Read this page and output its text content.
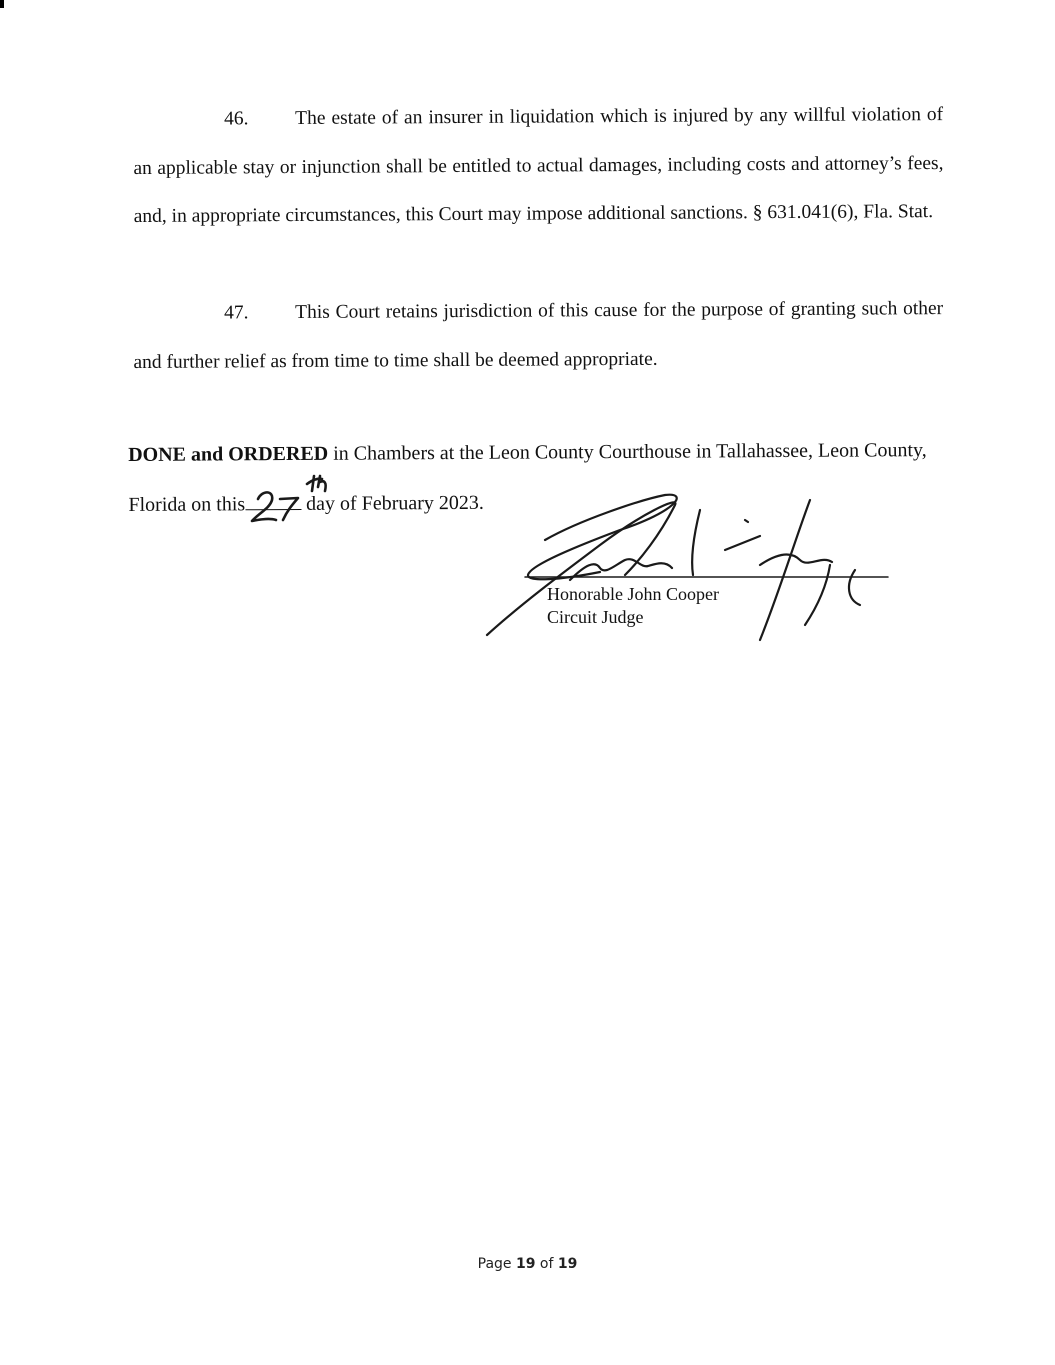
46. The estate of an insurer in liquidation which is injured by any willful violation of an applicable stay or injunction shall be entitled to actual damages, including costs and attorney’s fees, and, in appropriate circumstances, this Court may impose additional sanctions. § 631.041(6), Fla. Stat.

47. This Court retains jurisdiction of this cause for the purpose of granting such other and further relief as from time to time shall be deemed appropriate.

DONE and ORDERED in Chambers at the Leon County Courthouse in Tallahassee, Leon County, Florida on this	day of February 2023.

Honorable John Cooper
Circuit Judge
Page 19 of 19
